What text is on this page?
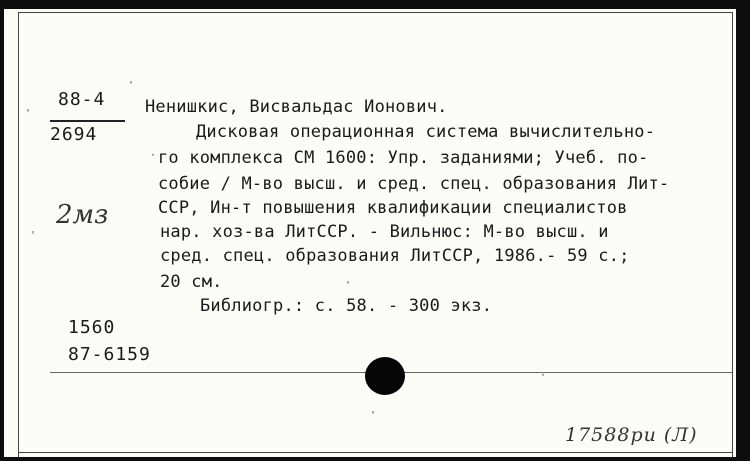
88-4
2694
2мз
Ненишкис, Висвальдас Ионович.
Дисковая операционная система вычислительно-
го комплекса СМ 1600: Упр. заданиями; Учеб. по-
собие / М-во высш. и сред. спец. образования Лит-
ССР, Ин-т повышения квалификации специалистов
нар. хоз-ва ЛитССР. - Вильнюс: М-во высш. и
сред. спец. образования ЛитССР, 1986.- 59 с.;
20 см.
Библиогр.: с. 58. - 300 экз.
1560
87-6159
17588pu (Л)
'
'
·
'
'
'
·
